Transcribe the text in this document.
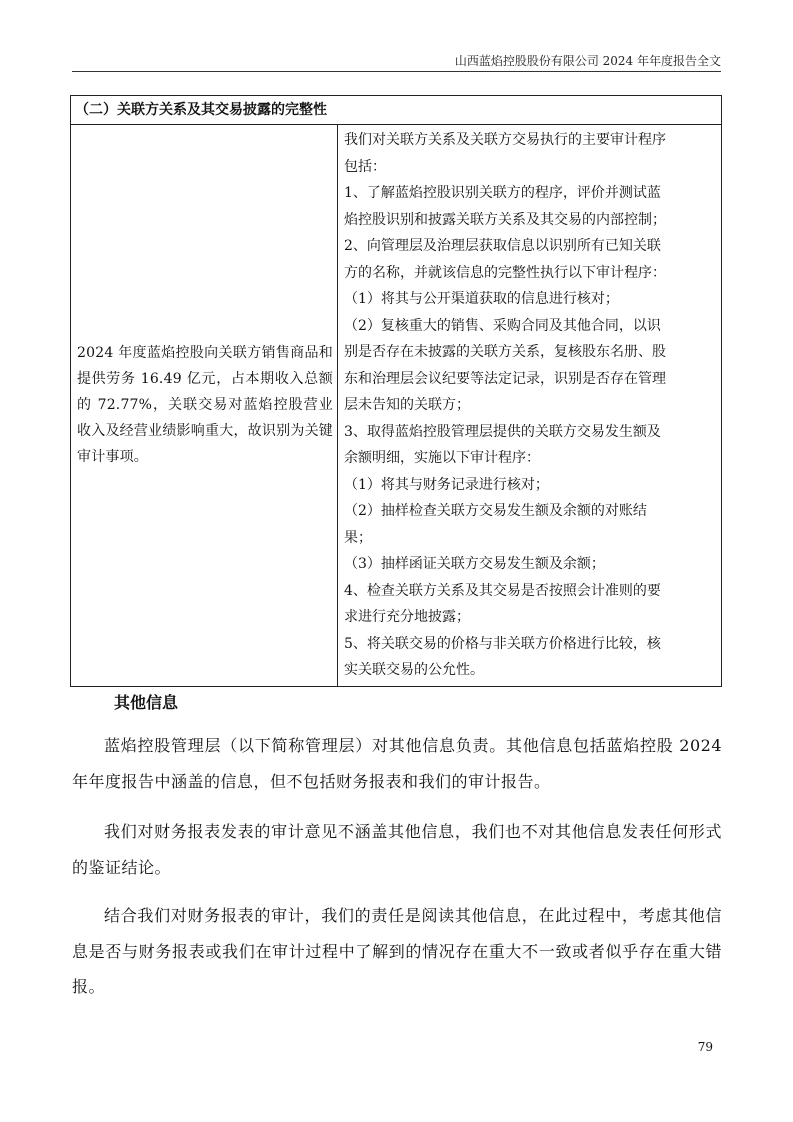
山西蓝焰控股股份有限公司 2024 年年度报告全文
（二）关联方关系及其交易披露的完整性

2024 年度蓝焰控股向关联方销售商品和提供劳务 16.49 亿元，占本期收入总额的 72.77%，关联交易对蓝焰控股营业收入及经营业绩影响重大，故识别为关键审计事项。

我们对关联方关系及关联方交易执行的主要审计程序
包括：
1、了解蓝焰控股识别关联方的程序，评价并测试蓝
焰控股识别和披露关联方关系及其交易的内部控制；
2、向管理层及治理层获取信息以识别所有已知关联
方的名称，并就该信息的完整性执行以下审计程序：
（1）将其与公开渠道获取的信息进行核对；
（2）复核重大的销售、采购合同及其他合同，以识
别是否存在未披露的关联方关系，复核股东名册、股
东和治理层会议纪要等法定记录，识别是否存在管理
层未告知的关联方；
3、取得蓝焰控股管理层提供的关联方交易发生额及
余额明细，实施以下审计程序：
（1）将其与财务记录进行核对；
（2）抽样检查关联方交易发生额及余额的对账结
果；
（3）抽样函证关联方交易发生额及余额；
4、检查关联方关系及其交易是否按照会计准则的要
求进行充分地披露；
5、将关联交易的价格与非关联方价格进行比较，核
实关联交易的公允性。
其他信息

蓝焰控股管理层（以下简称管理层）对其他信息负责。其他信息包括蓝焰控股 2024 年年度报告中涵盖的信息，但不包括财务报表和我们的审计报告。

我们对财务报表发表的审计意见不涵盖其他信息，我们也不对其他信息发表任何形式的鉴证结论。

结合我们对财务报表的审计，我们的责任是阅读其他信息，在此过程中，考虑其他信息是否与财务报表或我们在审计过程中了解到的情况存在重大不一致或者似乎存在重大错报。

79
